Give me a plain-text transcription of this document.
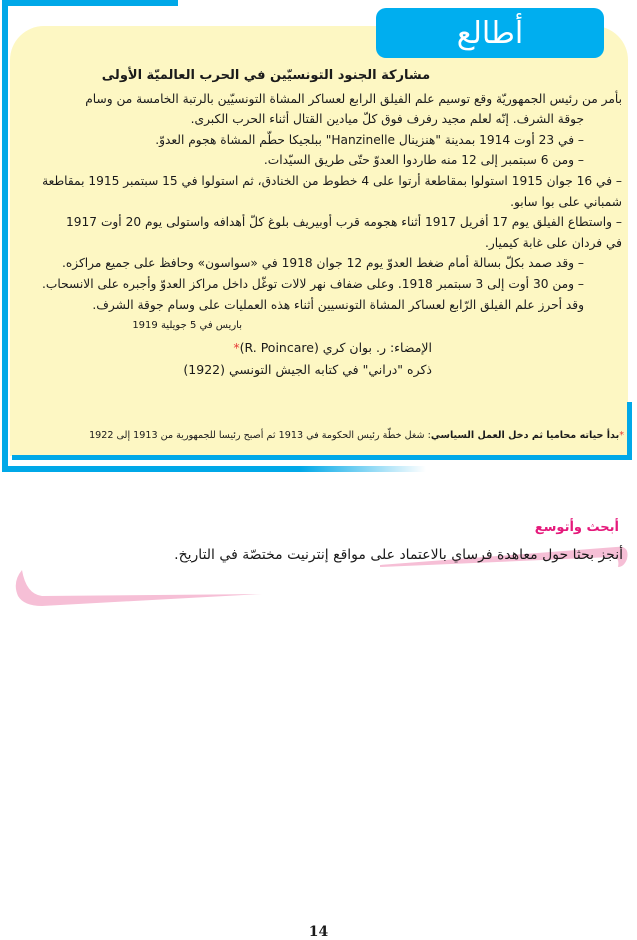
أطالع

مشاركة الجنود التونسيّين في الحرب العالميّة الأولى

بأمر من رئيس الجمهوريّة وقع توسيم علم الفيلق الرابع لعساكر المشاة التونسيّين بالرتبة الخامسة من وسام

جوقة الشرف. إنّه لعلم مجيد رفرف فوق كلّ ميادين القتال أثناء الحرب الكبرى.

– في 23 أوت 1914 بمدينة "هنزينال Hanzinelle" ببلجيكا حطّم المشاة هجوم العدوّ.

– ومن 6 سبتمبر إلى 12 منه طاردوا العدوّ حتّى طريق السيّدات.

– في 16 جوان 1915 استولوا بمقاطعة أرتوا على 4 خطوط من الخنادق، ثم استولوا في 15 سبتمبر 1915 بمقاطعة

شمباني على بوا سابو.

– واستطاع الفيلق يوم 17 أفريل 1917 أثناء هجومه قرب أوبيريف بلوغ كلّ أهدافه واستولى يوم 20 أوت 1917

في فردان على غابة كيميار.

– وقد صمد بكلّ بسالة أمام ضغط العدوّ يوم 12 جوان 1918 في «سواسون» وحافظ على جميع مراكزه.

– ومن 30 أوت إلى 3 سبتمبر 1918. وعلى ضفاف نهر لالات توغّل داخل مراكز العدوّ وأجبره على الانسحاب.

وقد أحرز علم الفيلق الرّابع لعساكر المشاة التونسيين أثناء هذه العمليات على وسام جوقة الشرف.

باريس في 5 جويلية 1919

الإمضاء: ر. بوان كري (R. Poincare)*

ذكره "دراني" في كتابه الجيش التونسي (1922)

*بدأ حياته محاميا ثم دخل العمل السياسي: شغل خطّة رئيس الحكومة في 1913 ثم أصبح رئيسا للجمهورية من 1913 إلى 1922
أبحث وأتوسع
أنجز بحثا حول معاهدة فرساي بالاعتماد على مواقع إنترنيت مختصّة في التاريخ.
14
